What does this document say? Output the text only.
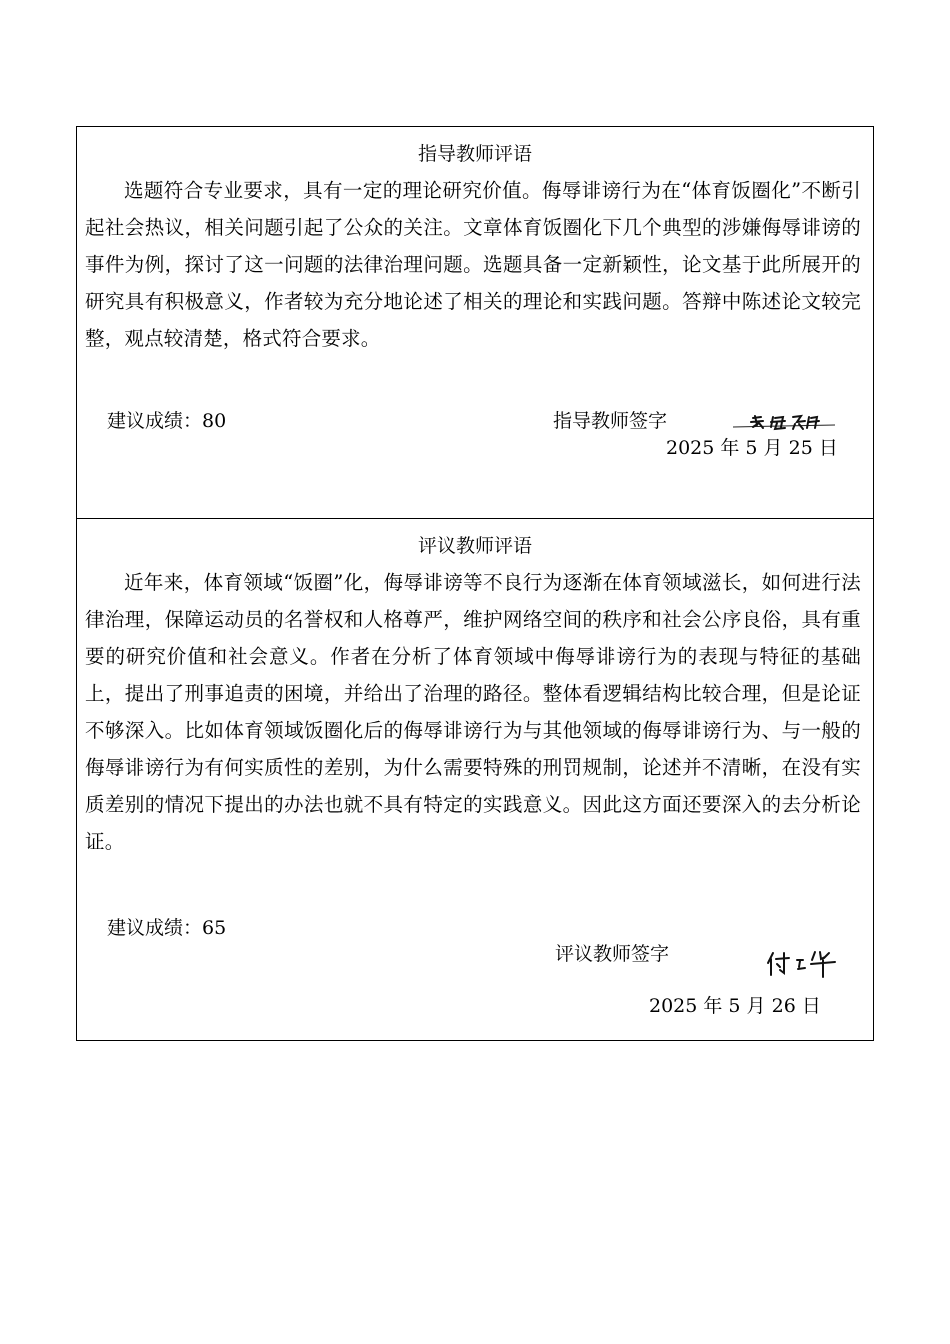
指导教师评语

选题符合专业要求，具有一定的理论研究价值。侮辱诽谤行为在“体育饭圈化”不断引起社会热议，相关问题引起了公众的关注。文章体育饭圈化下几个典型的涉嫌侮辱诽谤的事件为例，探讨了这一问题的法律治理问题。选题具备一定新颖性，论文基于此所展开的研究具有积极意义，作者较为充分地论述了相关的理论和实践问题。答辩中陈述论文较完整，观点较清楚，格式符合要求。

建议成绩：80	指导教师签字
2025 年 5 月 25 日
评议教师评语

近年来，体育领域“饭圈”化，侮辱诽谤等不良行为逐渐在体育领域滋长，如何进行法律治理，保障运动员的名誉权和人格尊严，维护网络空间的秩序和社会公序良俗，具有重要的研究价值和社会意义。作者在分析了体育领域中侮辱诽谤行为的表现与特征的基础上，提出了刑事追责的困境，并给出了治理的路径。整体看逻辑结构比较合理，但是论证不够深入。比如体育领域饭圈化后的侮辱诽谤行为与其他领域的侮辱诽谤行为、与一般的侮辱诽谤行为有何实质性的差别，为什么需要特殊的刑罚规制，论述并不清晰，在没有实质差别的情况下提出的办法也就不具有特定的实践意义。因此这方面还要深入的去分析论证。

建议成绩：65
评议教师签字
2025 年 5 月 26 日
